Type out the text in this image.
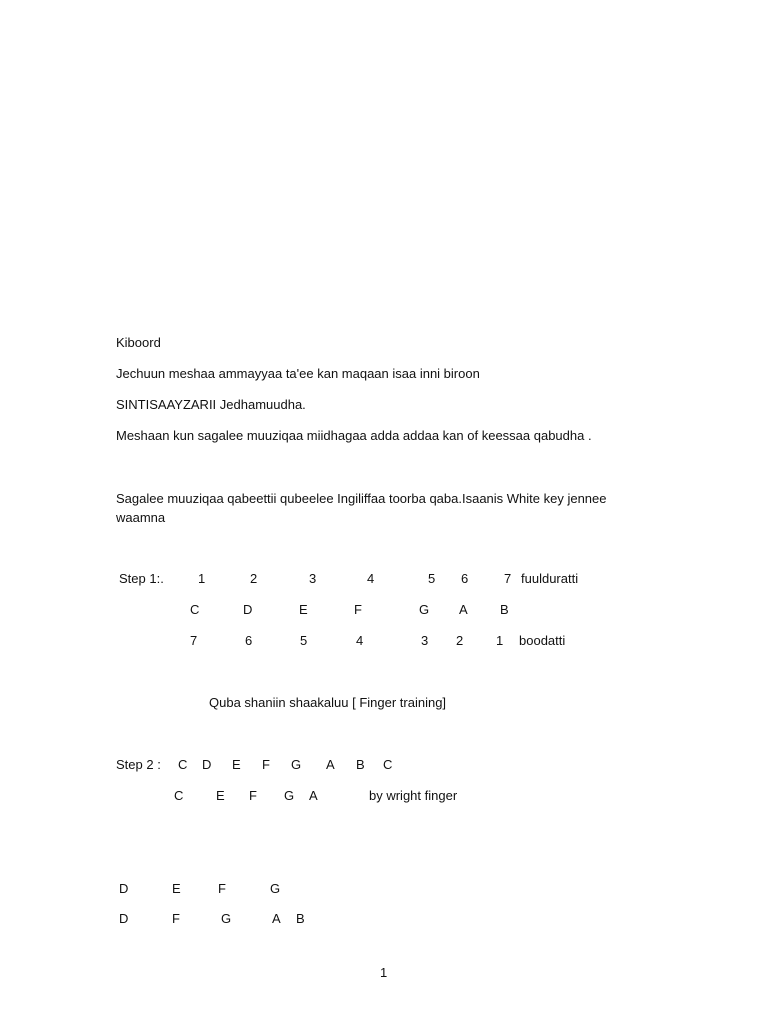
Kiboord
Jechuun meshaa ammayyaa ta'ee kan maqaan isaa inni biroon
SINTISAAYZARII Jedhamuudha.
Meshaan kun sagalee muuziqaa miidhagaa adda addaa kan of keessaa qabudha .
Sagalee muuziqaa qabeettii qubeelee Ingiliffaa toorba qaba.Isaanis White key jennee waamna
Step 1:.	1	2	3	4	5 6	7 fuulduratti
C	D	E	F	G A B
7	6	5	4	3 2	1 boodatti
Quba shaniin shaakaluu [ Finger training]
Step 2 : C D E F G A B C
C	E F G A	by wright finger
D	E	F	G
D	F	G	A B
1
